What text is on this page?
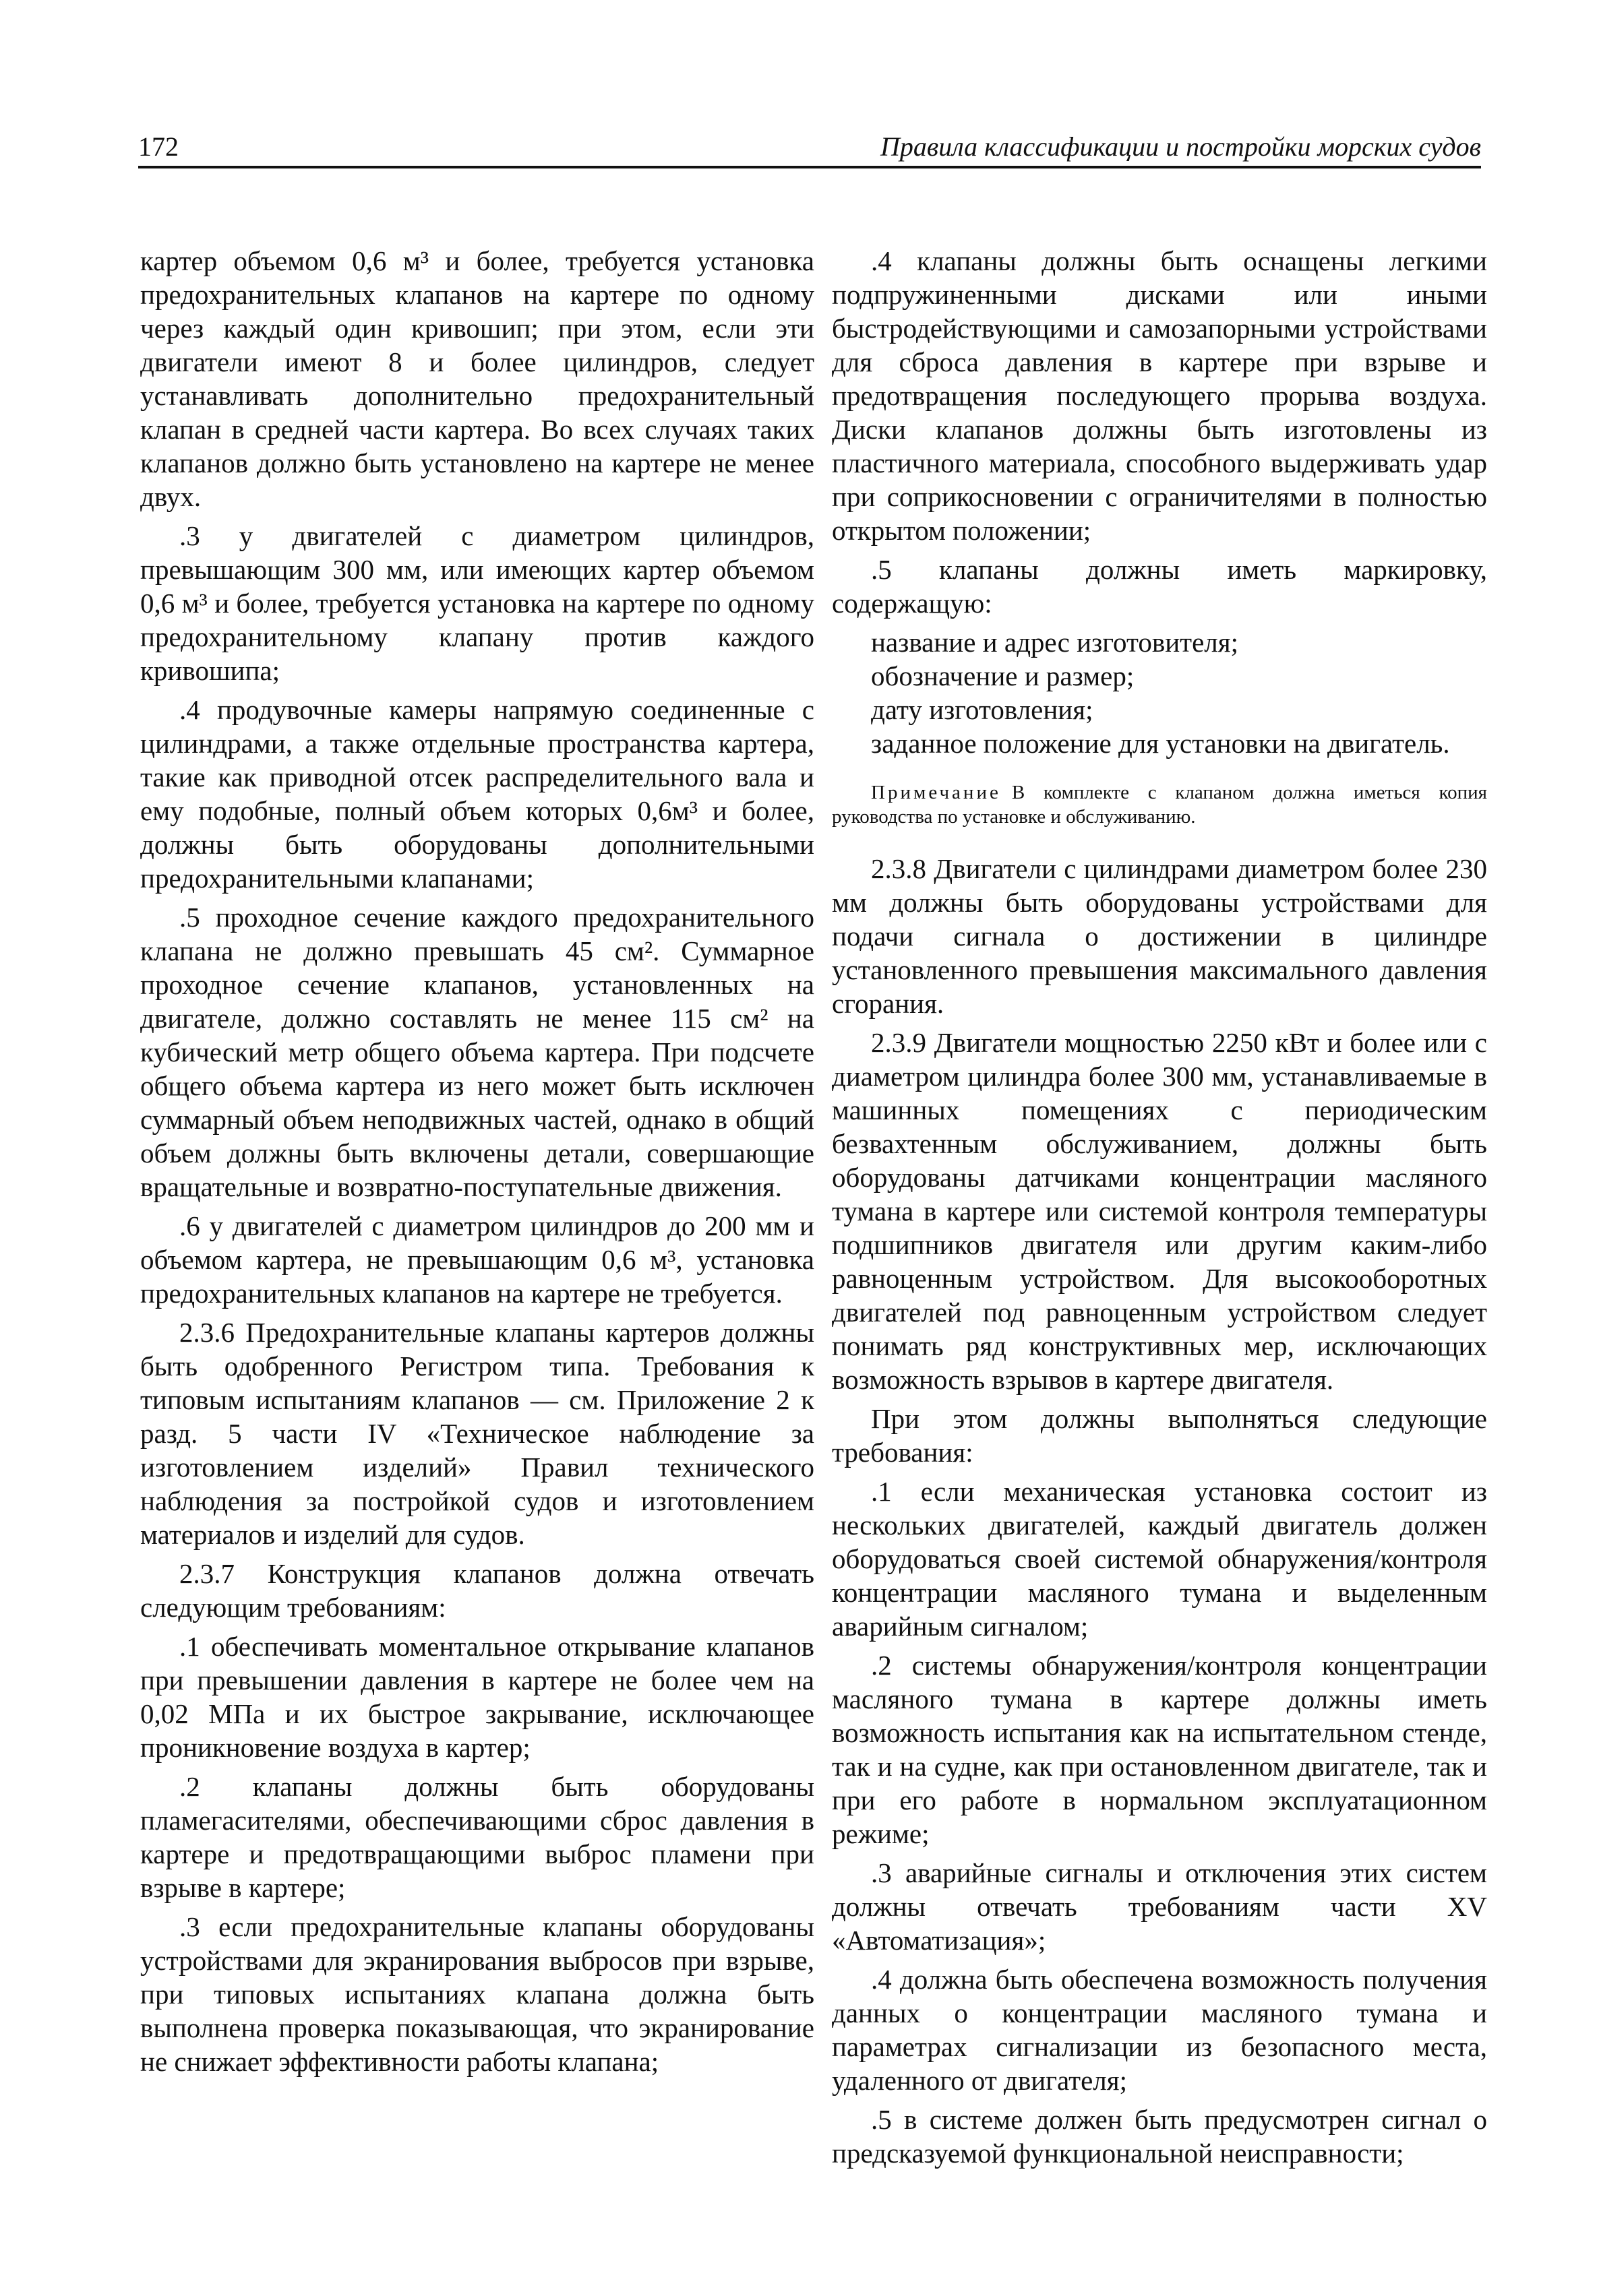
172	Правила классификации и постройки морских судов

картер объемом 0,6 м³ и более, требуется установка предохранительных клапанов на картере по одному через каждый один кривошип; при этом, если эти двигатели имеют 8 и более цилиндров, следует устанавливать дополнительно предохранительный клапан в средней части картера. Во всех случаях таких клапанов должно быть установлено на картере не менее двух.

.3 у двигателей с диаметром цилиндров, превышающим 300 мм, или имеющих картер объемом 0,6 м³ и более, требуется установка на картере по одному предохранительному клапану против каждого кривошипа;

.4 продувочные камеры напрямую соединенные с цилиндрами, а также отдельные пространства картера, такие как приводной отсек распределительного вала и ему подобные, полный объем которых 0,6м³ и более, должны быть оборудованы дополнительными предохранительными клапанами;

.5 проходное сечение каждого предохранительного клапана не должно превышать 45 см². Суммарное проходное сечение клапанов, установленных на двигателе, должно составлять не менее 115 см² на кубический метр общего объема картера. При подсчете общего объема картера из него может быть исключен суммарный объем неподвижных частей, однако в общий объем должны быть включены детали, совершающие вращательные и возвратно-поступательные движения.

.6 у двигателей с диаметром цилиндров до 200 мм и объемом картера, не превышающим 0,6 м³, установка предохранительных клапанов на картере не требуется.

2.3.6 Предохранительные клапаны картеров должны быть одобренного Регистром типа. Требования к типовым испытаниям клапанов — см. Приложение 2 к разд. 5 части IV «Техническое наблюдение за изготовлением изделий» Правил технического наблюдения за постройкой судов и изготовлением материалов и изделий для судов.

2.3.7 Конструкция клапанов должна отвечать следующим требованиям:

.1 обеспечивать моментальное открывание клапанов при превышении давления в картере не более чем на 0,02 МПа и их быстрое закрывание, исключающее проникновение воздуха в картер;

.2 клапаны должны быть оборудованы пламегасителями, обеспечивающими сброс давления в картере и предотвращающими выброс пламени при взрыве в картере;

.3 если предохранительные клапаны оборудованы устройствами для экранирования выбросов при взрыве, при типовых испытаниях клапана должна быть выполнена проверка показывающая, что экранирование не снижает эффективности работы клапана;

.4 клапаны должны быть оснащены легкими подпружиненными дисками или иными быстродействующими и самозапорными устройствами для сброса давления в картере при взрыве и предотвращения последующего прорыва воздуха. Диски клапанов должны быть изготовлены из пластичного материала, способного выдерживать удар при соприкосновении с ограничителями в полностью открытом положении;

.5 клапаны должны иметь маркировку, содержащую:

название и адрес изготовителя;

обозначение и размер;

дату изготовления;

заданное положение для установки на двигатель.

Примечание В комплекте с клапаном должна иметься копия руководства по установке и обслуживанию.

2.3.8 Двигатели с цилиндрами диаметром более 230 мм должны быть оборудованы устройствами для подачи сигнала о достижении в цилиндре установленного превышения максимального давления сгорания.

2.3.9 Двигатели мощностью 2250 кВт и более или с диаметром цилиндра более 300 мм, устанавливаемые в машинных помещениях с периодическим безвахтенным обслуживанием, должны быть оборудованы датчиками концентрации масляного тумана в картере или системой контроля температуры подшипников двигателя или другим каким-либо равноценным устройством. Для высокооборотных двигателей под равноценным устройством следует понимать ряд конструктивных мер, исключающих возможность взрывов в картере двигателя.

При этом должны выполняться следующие требования:

.1 если механическая установка состоит из нескольких двигателей, каждый двигатель должен оборудоваться своей системой обнаружения/контроля концентрации масляного тумана и выделенным аварийным сигналом;

.2 системы обнаружения/контроля концентрации масляного тумана в картере должны иметь возможность испытания как на испытательном стенде, так и на судне, как при остановленном двигателе, так и при его работе в нормальном эксплуатационном режиме;

.3 аварийные сигналы и отключения этих систем должны отвечать требованиям части XV «Автоматизация»;

.4 должна быть обеспечена возможность получения данных о концентрации масляного тумана и параметрах сигнализации из безопасного места, удаленного от двигателя;

.5 в системе должен быть предусмотрен сигнал о предсказуемой функциональной неисправности;
